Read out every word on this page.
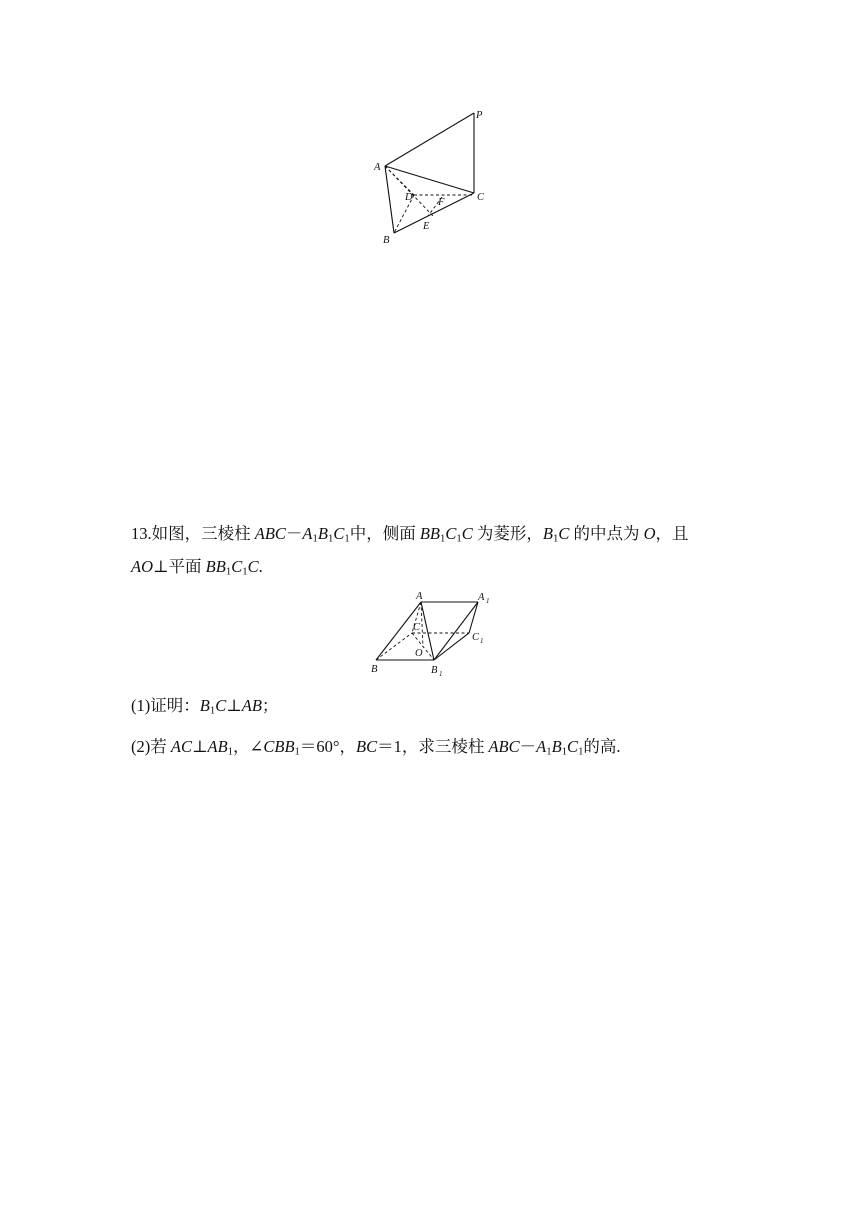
P
A
D F	C
E
B

13.如图，三棱柱 $ABC-A_1B_1C_1$中，侧面 $BB_1C_1C$ 为菱形，$B_1C$ 的中点为 O，且

AO⊥平面 $BB_1C_1C$.

A	A 1
C
C 1
O
B	B 1

(1)证明：$B_1C\perp AB$；

(2)若 $AC\perp AB_1$，$\angle CBB_1=60^\circ$，BC＝1，求三棱柱 $ABC-A_1B_1C_1$的高.
